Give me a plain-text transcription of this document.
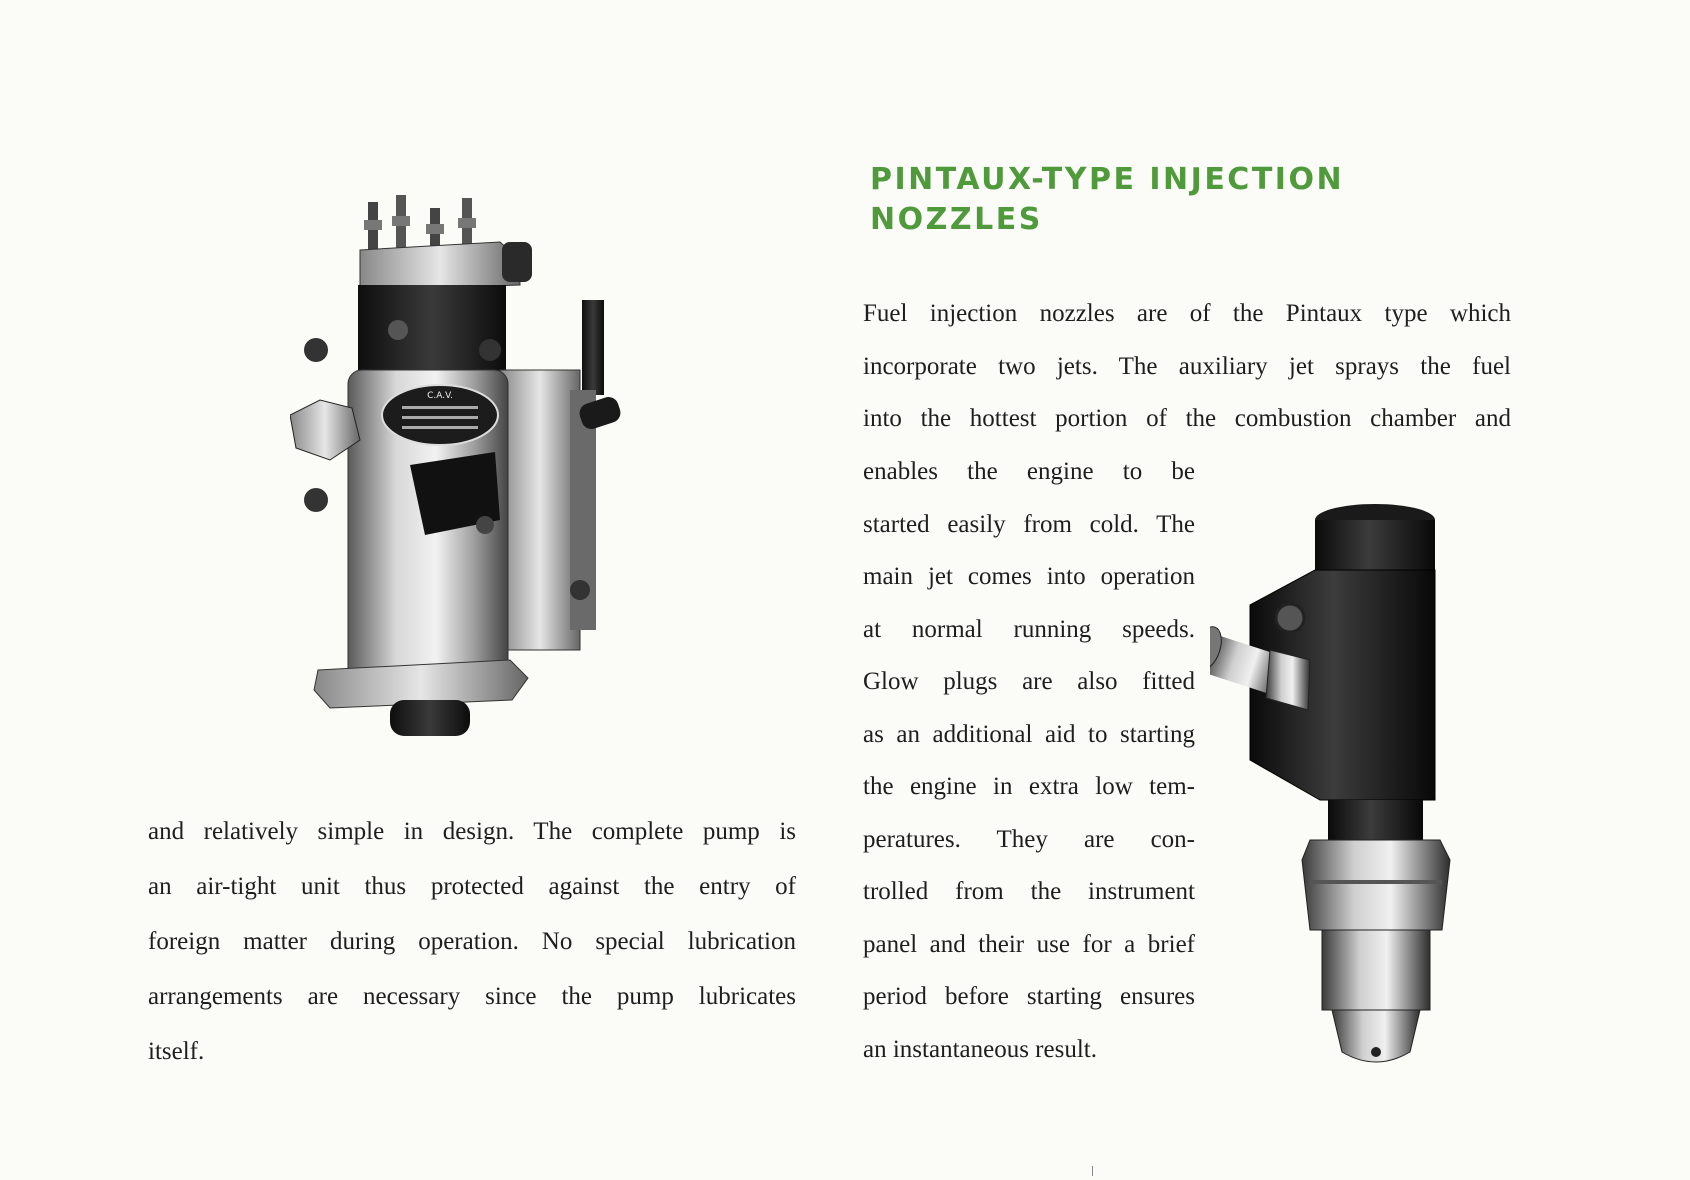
C.A.V.
PINTAUX-TYPE INJECTION
NOZZLES
Fuel injection nozzles are of the Pintaux type which
incorporate two jets. The auxiliary jet sprays the fuel
into the hottest portion of the combustion chamber and
enables the engine to be
started easily from cold. The
main jet comes into operation
at normal running speeds.
Glow plugs are also fitted
as an additional aid to starting
the engine in extra low tem-
peratures. They are con-
trolled from the instrument
panel and their use for a brief
period before starting ensures
an instantaneous result.
and relatively simple in design. The complete pump is
an air-tight unit thus protected against the entry of
foreign matter during operation. No special lubrication
arrangements are necessary since the pump lubricates
itself.
